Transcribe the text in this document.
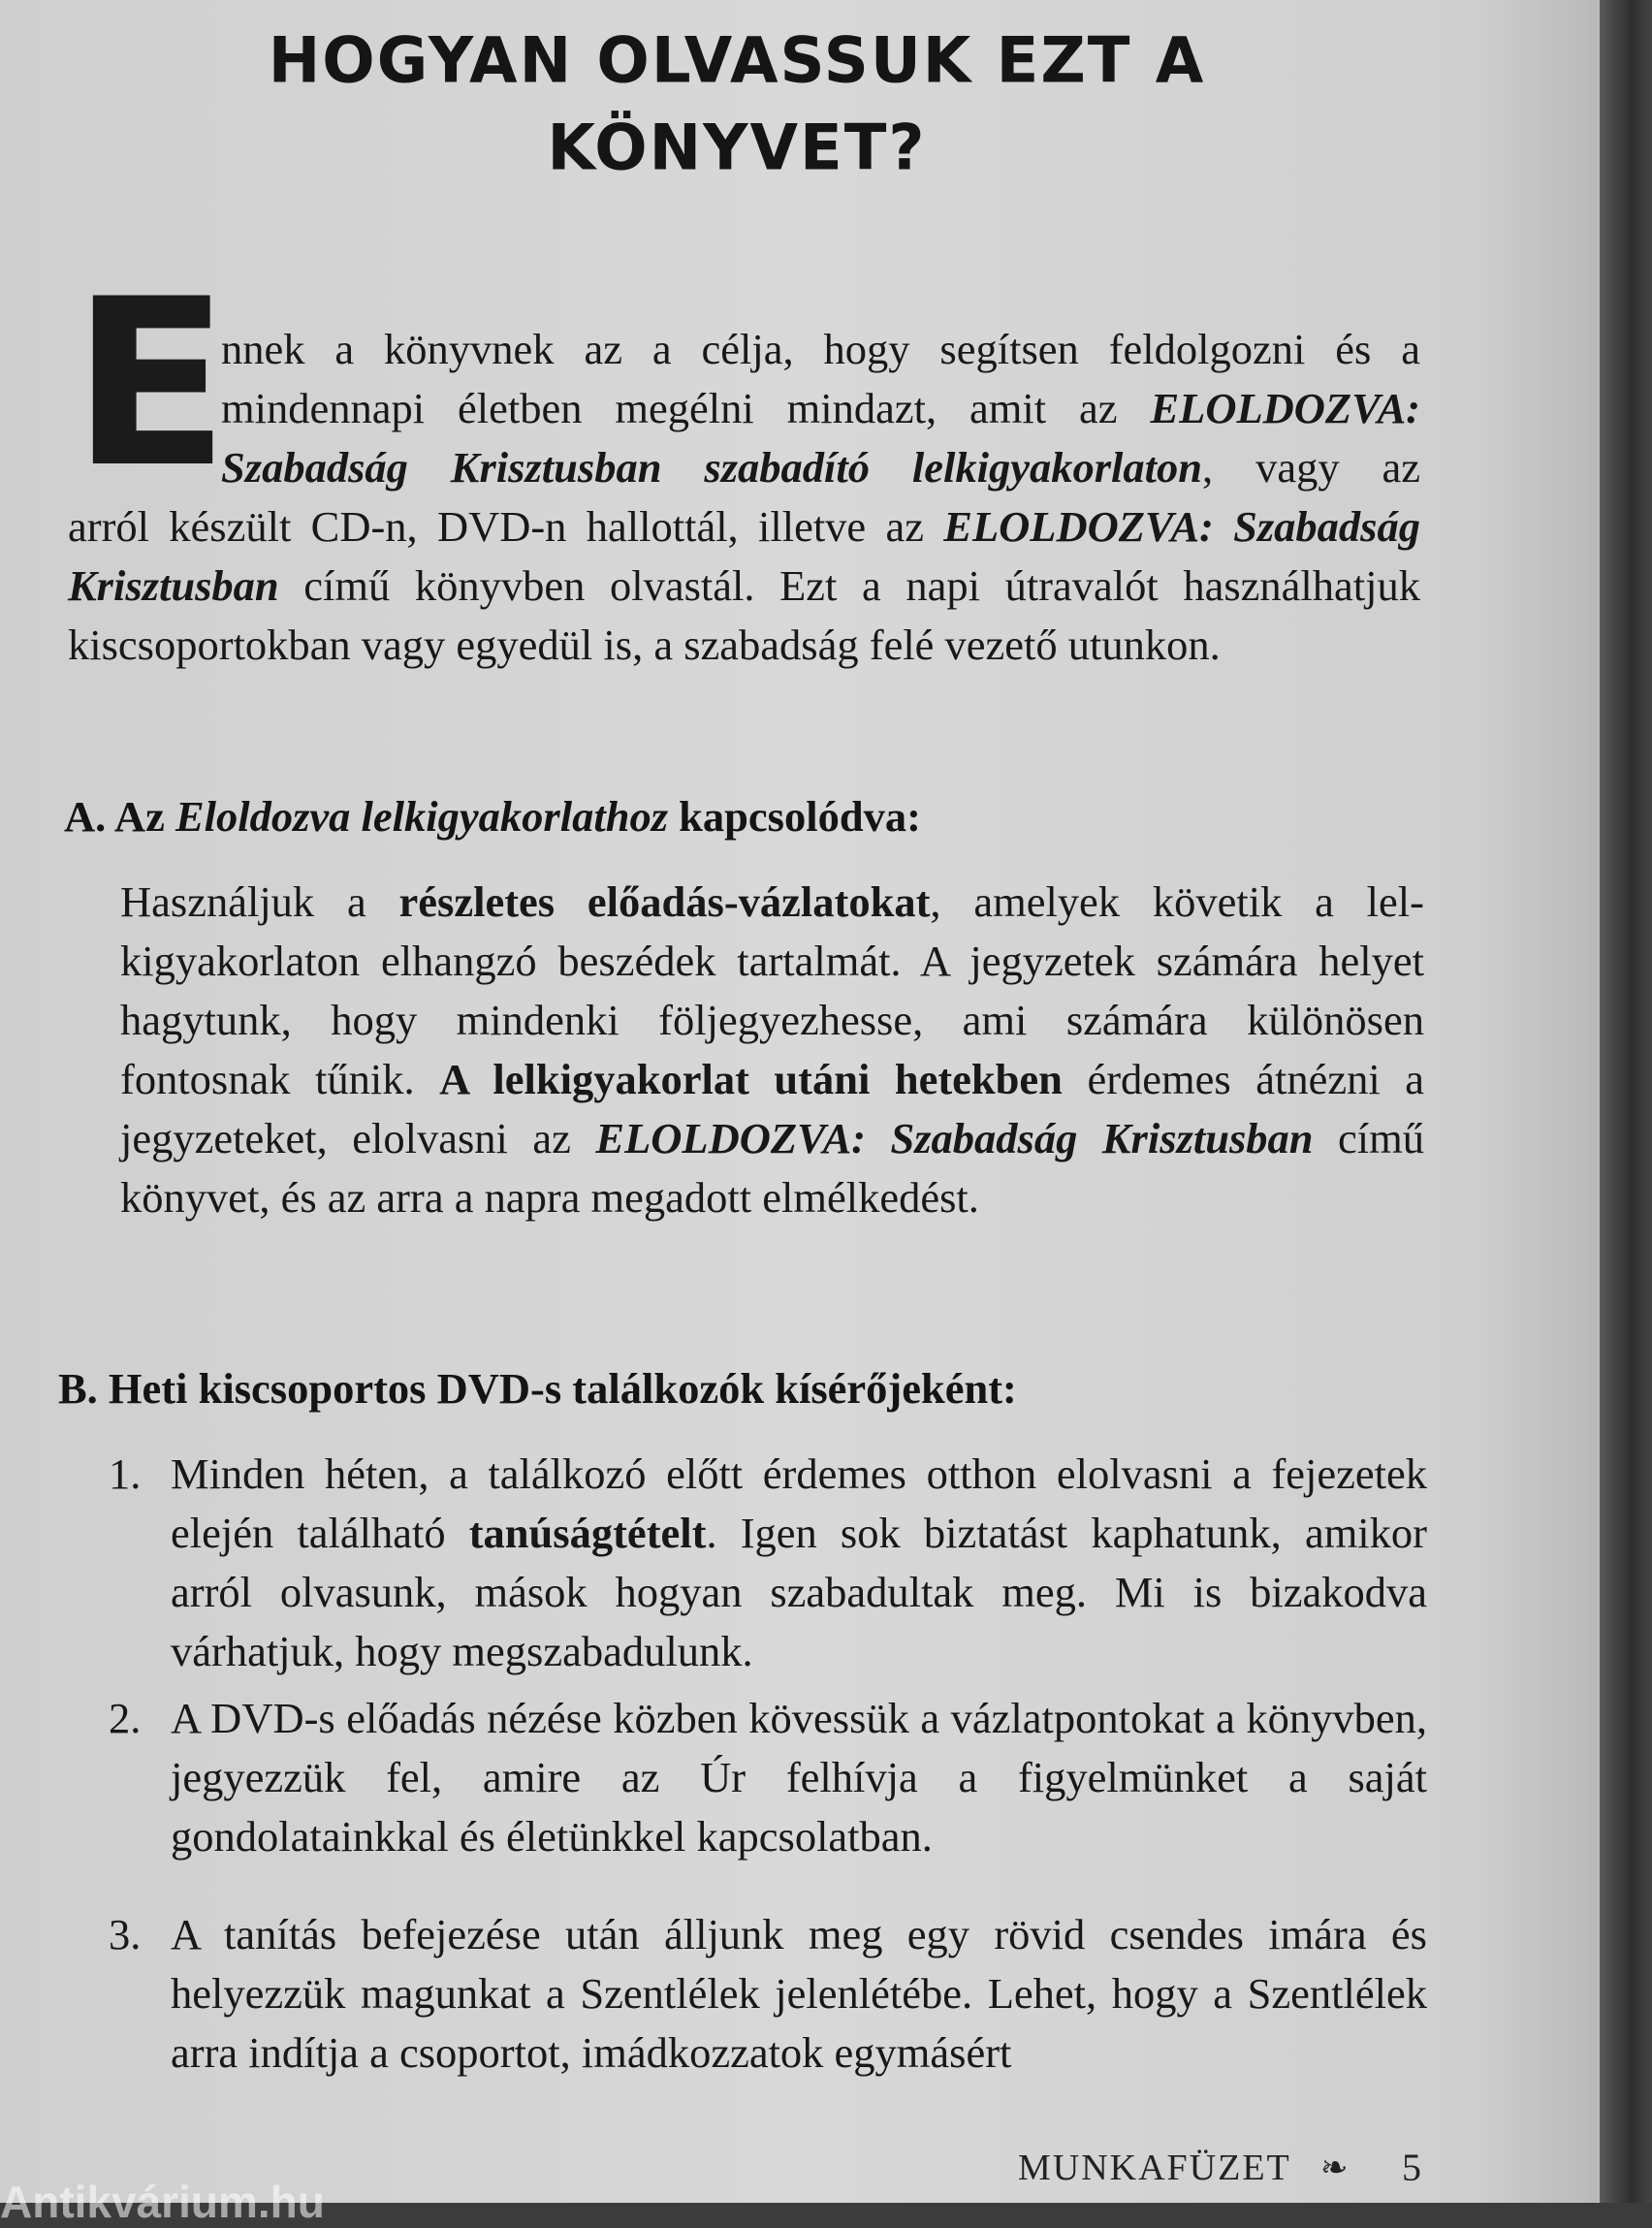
HOGYAN OLVASSUK EZT A
KÖNYVET?
E
nnek a könyvnek az a célja, hogy segítsen feldolgozni és a
mindennapi életben megélni mindazt, amit az ELOLDOZVA:
Szabadság Krisztusban szabadító lelkigyakorlaton, vagy az
arról készült CD-n, DVD-n hallottál, illetve az ELOLDOZVA: Szabadság Krisztusban című könyvben olvastál. Ezt a napi útravalót használhatjuk kiscsoportokban vagy egyedül is, a szabadság felé vezető utunkon.
A. Az Eloldozva lelkigyakorlathoz kapcsolódva:
Használjuk a részletes előadás-vázlatokat, amelyek követik a lelkigyakorlaton elhangzó beszédek tartalmát. A jegyzetek számára helyet hagytunk, hogy mindenki följegyezhesse, ami számára különösen fontosnak tűnik. A lelkigyakorlat utáni hetekben érdemes átnézni a jegyzeteket, elolvasni az ELOLDOZVA: Szabadság Krisztusban című könyvet, és az arra a napra megadott elmélkedést.
B. Heti kiscsoportos DVD-s találkozók kísérőjeként:
1. Minden héten, a találkozó előtt érdemes otthon elolvasni a fejezetek elején található tanúságtételt. Igen sok biztatást kaphatunk, amikor arról olvasunk, mások hogyan szabadultak meg. Mi is bizakodva várhatjuk, hogy megszabadulunk.
2. A DVD-s előadás nézése közben kövessük a vázlatpontokat a könyvben, jegyezzük fel, amire az Úr felhívja a figyelmünket a saját gondolatainkkal és életünkkel kapcsolatban.
3. A tanítás befejezése után álljunk meg egy rövid csendes imára és helyezzük magunkat a Szentlélek jelenlétébe. Lehet, hogy a Szentlélek arra indítja a csoportot, imádkozzatok egymásért
MUNKAFÜZET ❧ 5
Antikvárium.hu
